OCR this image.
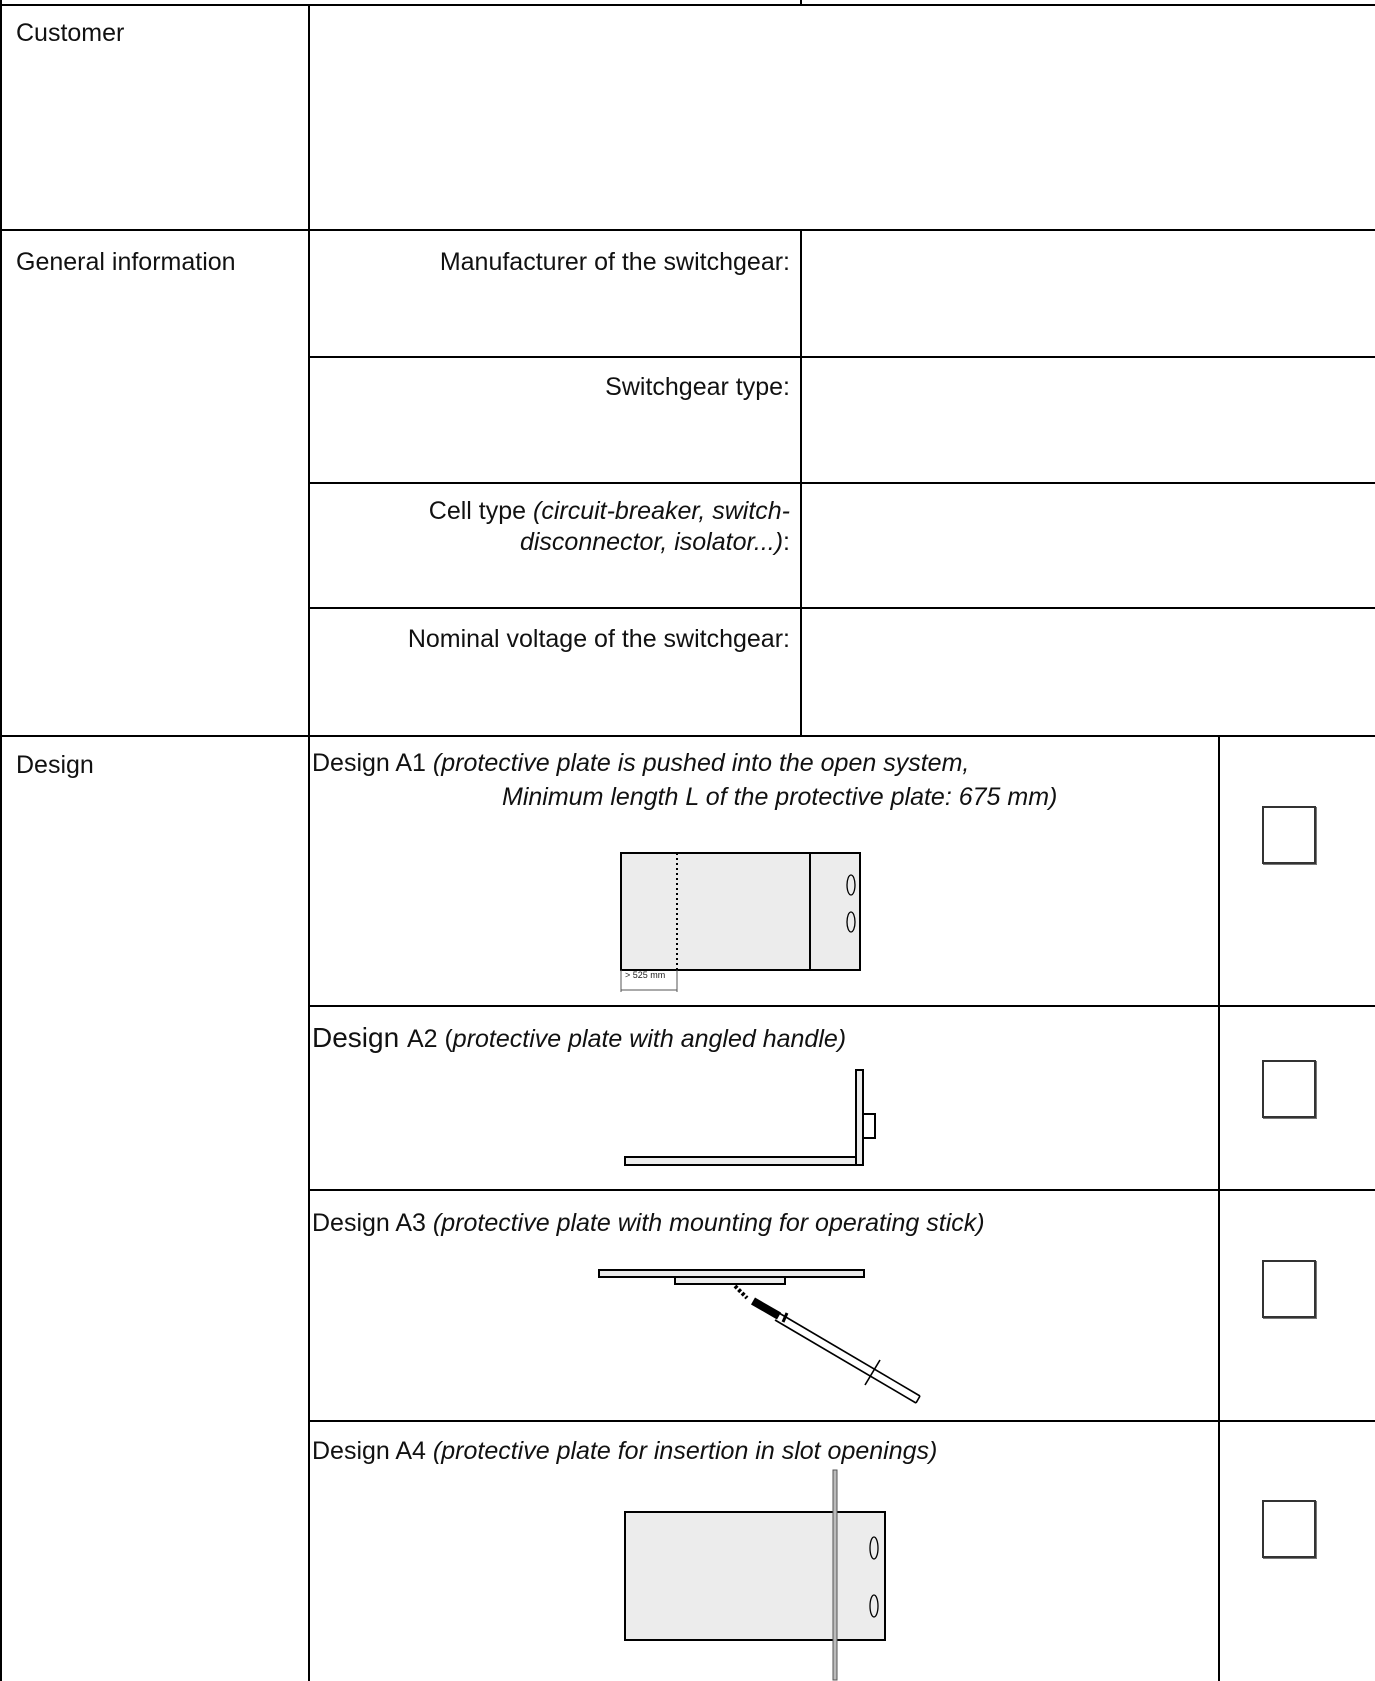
Customer
General information	Manufacturer of the switchgear:
Switchgear type:
Cell type (circuit-breaker, switch-
disconnector, isolator...):
Nominal voltage of the switchgear:
Design	Design A1 (protective plate is pushed into the open system,
Minimum length L of the protective plate: 675 mm)
> 525 mm
Design A2 (protective plate with angled handle)
Design A3 (protective plate with mounting for operating stick)
Design A4 (protective plate for insertion in slot openings)
